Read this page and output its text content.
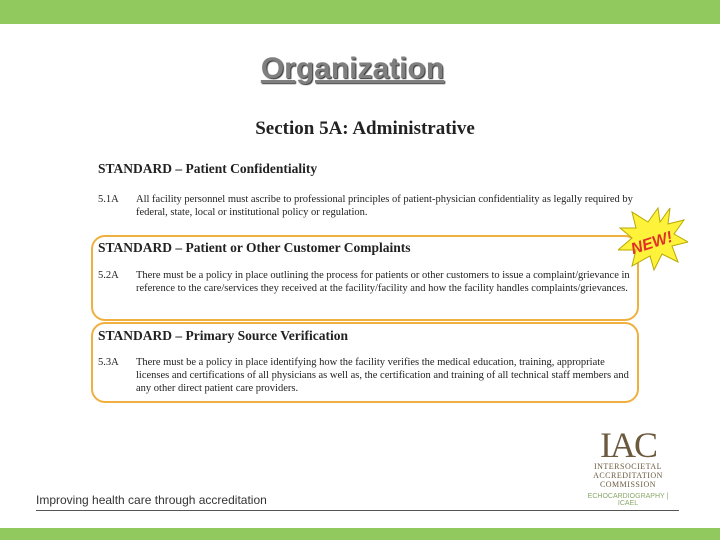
Organization
Section 5A: Administrative
STANDARD – Patient Confidentiality
5.1A	All facility personnel must ascribe to professional principles of patient-physician confidentiality as legally required by federal, state, local or institutional policy or regulation.
STANDARD – Patient or Other Customer Complaints
5.2A	There must be a policy in place outlining the process for patients or other customers to issue a complaint/grievance in reference to the care/services they received at the facility/facility and how the facility handles complaints/grievances.
STANDARD – Primary Source Verification
5.3A	There must be a policy in place identifying how the facility verifies the medical education, training, appropriate licenses and certifications of all physicians as well as, the certification and training of all technical staff members and any other direct patient care providers.
NEW!
IAC
INTERSOCIETAL
ACCREDITATION
COMMISSION
ECHOCARDIOGRAPHY | ICAEL
Improving health care through accreditation
